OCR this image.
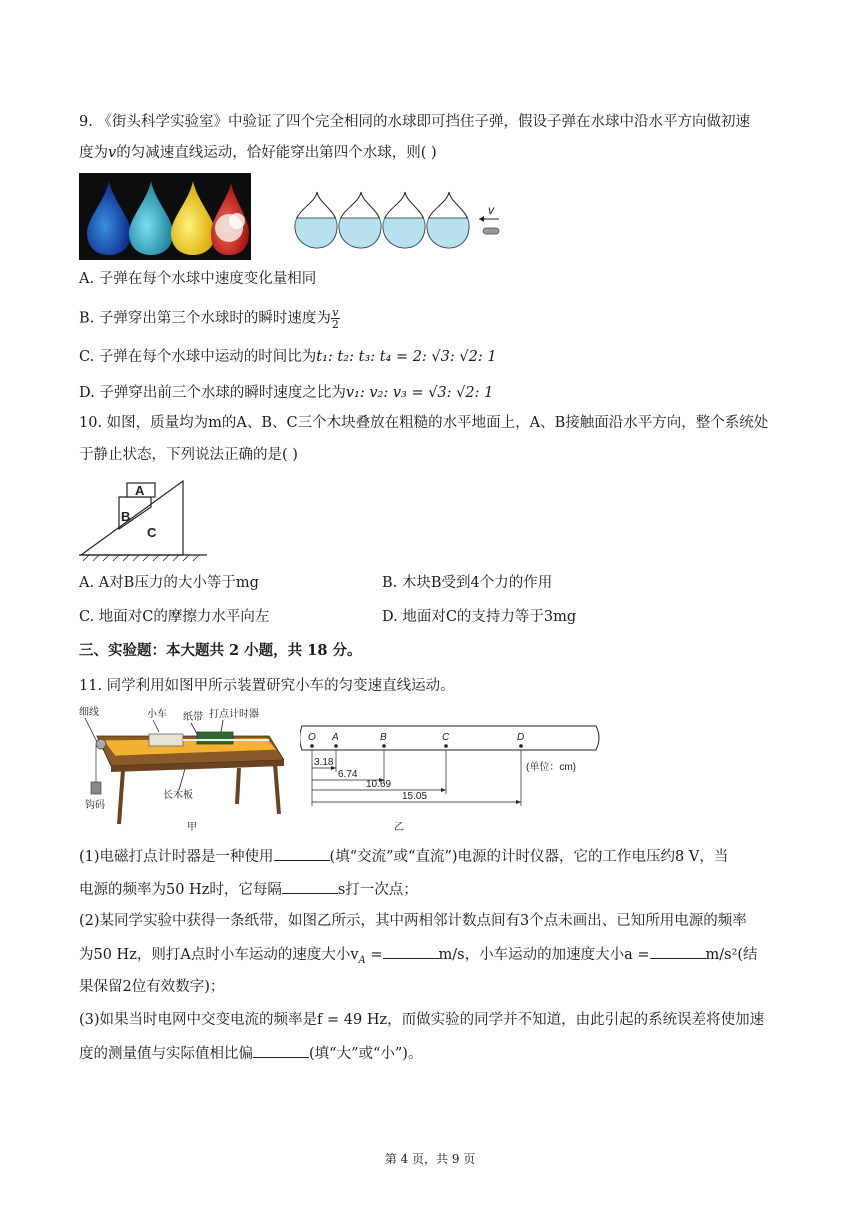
9. 《街头科学实验室》中验证了四个完全相同的水球即可挡住子弹，假设子弹在水球中沿水平方向做初速
度为v的匀减速直线运动，恰好能穿出第四个水球，则( )
v
A. 子弹在每个水球中速度变化量相同
B. 子弹穿出第三个水球时的瞬时速度为 $\frac{v}{2}$
C. 子弹在每个水球中运动的时间比为t₁: t₂: t₃: t₄ = 2: √3: √2: 1
D. 子弹穿出前三个水球的瞬时速度之比为v₁: v₂: v₃ = √3: √2: 1
10. 如图，质量均为m的A、B、C三个木块叠放在粗糙的水平地面上，A、B接触面沿水平方向，整个系统处
于静止状态，下列说法正确的是( )
A
B
C
A. A对B压力的大小等于mg	B. 木块B受到4个力的作用
C. 地面对C的摩擦力水平向左	D. 地面对C的支持力等于3mg
三、实验题：本大题共 2 小题，共 18 分。
11. 同学利用如图甲所示装置研究小车的匀变速直线运动。
细线	小车 纸带 打点计时器
钩码
长木板
甲
O A	B	C	D
3.18
6.74
10.69
15.05
(单位：cm)
乙
(1)电磁打点计时器是一种使用	(填“交流”或“直流”)电源的计时仪器，它的工作电压约8 V，当
电源的频率为50 Hz时，它每隔	s打一次点；
(2)某同学实验中获得一条纸带，如图乙所示，其中两相邻计数点间有3个点未画出、已知所用电源的频率
为50 Hz，则打A点时小车运动的速度大小$v_A$ =	m/s，小车运动的加速度大小a =	m/s²(结
果保留2位有效数字)；
(3)如果当时电网中交变电流的频率是f = 49 Hz，而做实验的同学并不知道，由此引起的系统误差将使加速
度的测量值与实际值相比偏	(填“大”或“小”)。
第 4 页，共 9 页
